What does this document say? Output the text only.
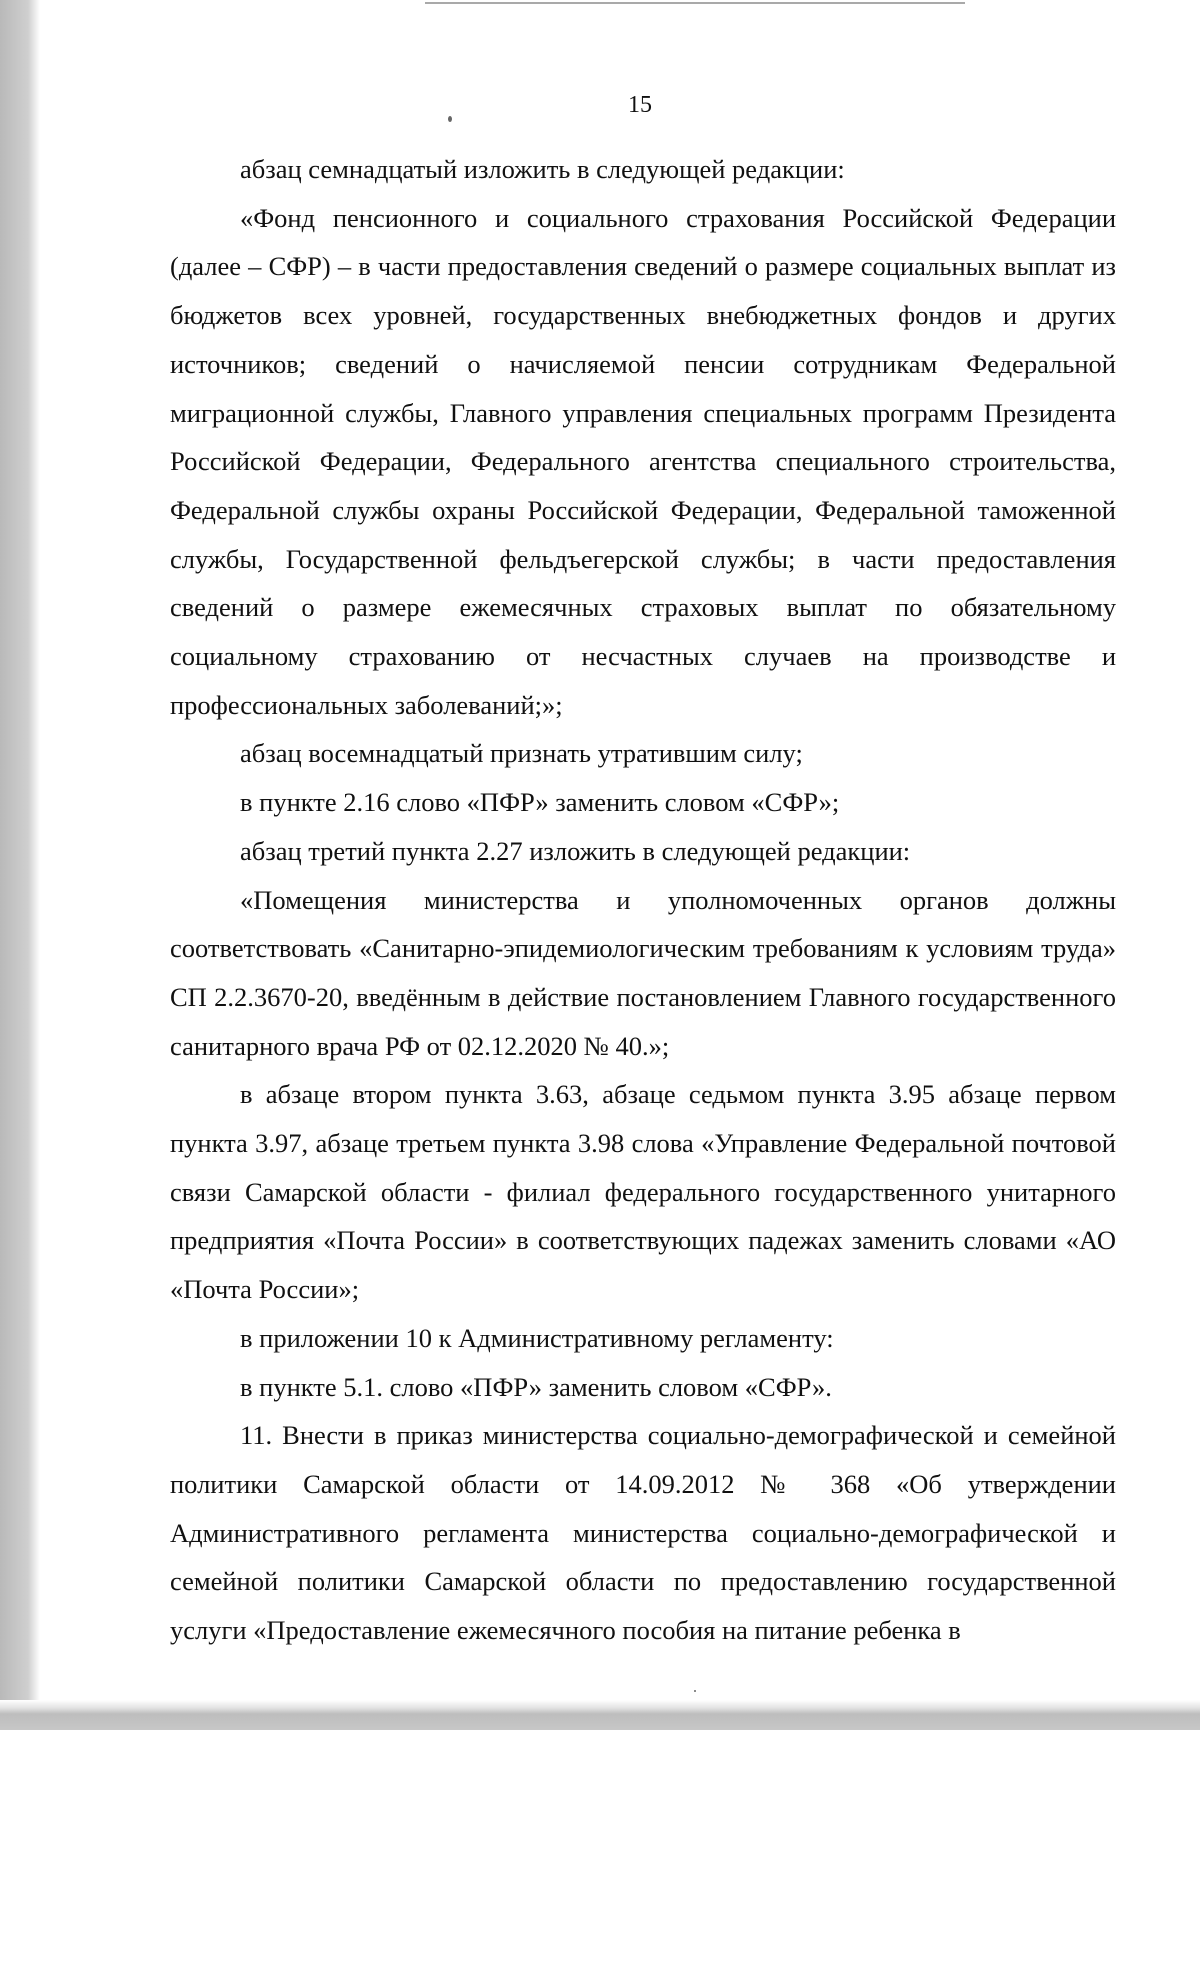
15

абзац семнадцатый изложить в следующей редакции:

«Фонд пенсионного и социального страхования Российской Федерации (далее – СФР) – в части предоставления сведений о размере социальных выплат из бюджетов всех уровней, государственных внебюджетных фондов и других источников; сведений о начисляемой пенсии сотрудникам Федеральной миграционной службы, Главного управления специальных программ Президента Российской Федерации, Федерального агентства специального строительства, Федеральной службы охраны Российской Федерации, Федеральной таможенной службы, Государственной фельдъегерской службы; в части предоставления сведений о размере ежемесячных страховых выплат по обязательному социальному страхованию от несчастных случаев на производстве и профессиональных заболеваний;»;

абзац восемнадцатый признать утратившим силу;

в пункте 2.16 слово «ПФР» заменить словом «СФР»;

абзац третий пункта 2.27 изложить в следующей редакции:

«Помещения министерства и уполномоченных органов должны соответствовать «Санитарно-эпидемиологическим требованиям к условиям труда» СП 2.2.3670-20, введённым в действие постановлением Главного государственного санитарного врача РФ от 02.12.2020 № 40.»;

в абзаце втором пункта 3.63, абзаце седьмом пункта 3.95 абзаце первом пункта 3.97, абзаце третьем пункта 3.98 слова «Управление Федеральной почтовой связи Самарской области - филиал федерального государственного унитарного предприятия «Почта России» в соответствующих падежах заменить словами «АО «Почта России»;

в приложении 10 к Административному регламенту:

в пункте 5.1. слово «ПФР» заменить словом «СФР».

11. Внести в приказ министерства социально-демографической и семейной политики Самарской области от 14.09.2012 № 368 «Об утверждении Административного регламента министерства социально-демографической и семейной политики Самарской области по предоставлению государственной услуги «Предоставление ежемесячного пособия на питание ребенка в
